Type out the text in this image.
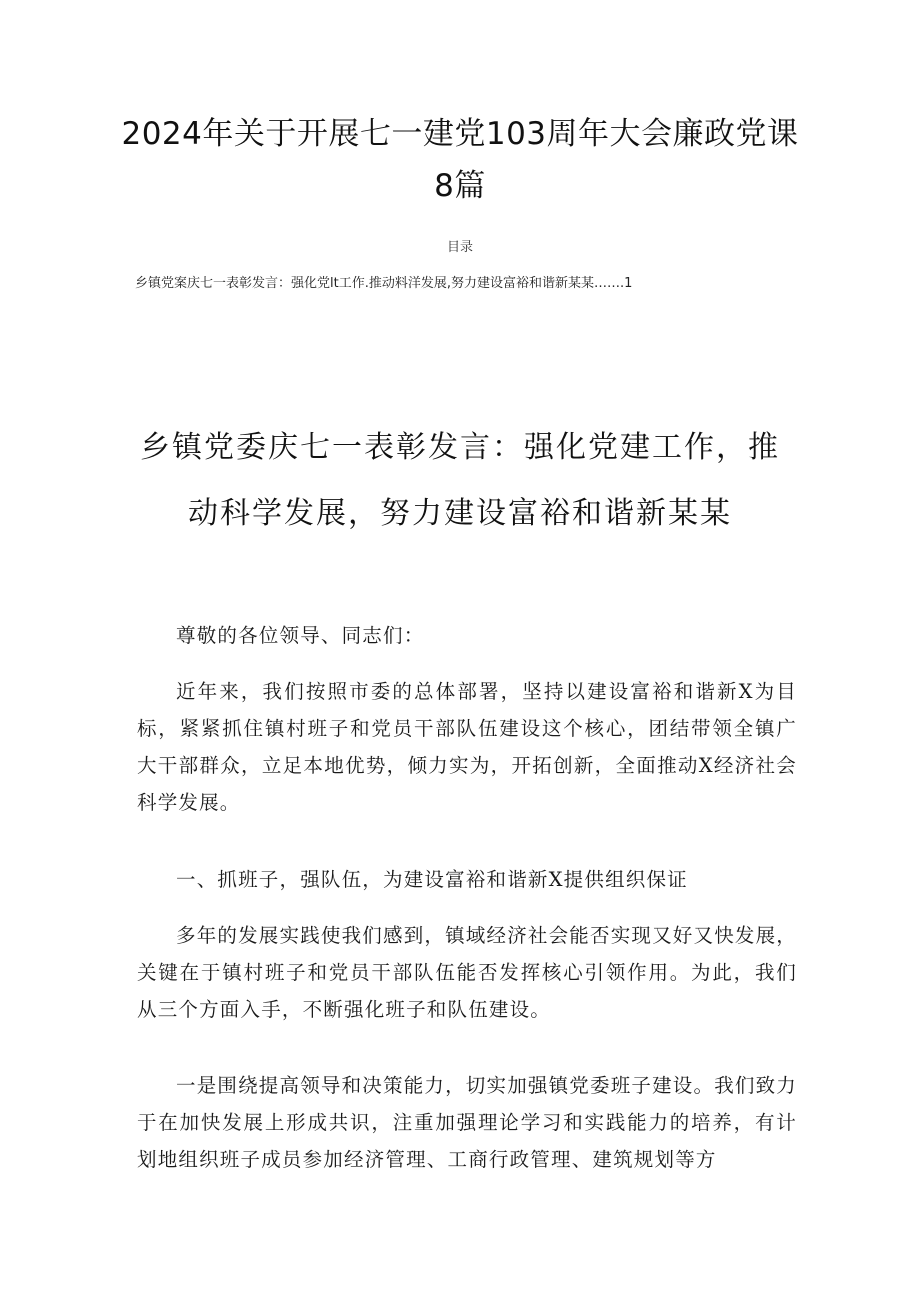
2024年关于开展七一建党103周年大会廉政党课8篇
目录
乡镇党案庆七一表彰发言：强化党lt工作.推动料洋发展,努力建设富裕和谐新某某…….1
乡镇党委庆七一表彰发言：强化党建工作，推动科学发展，努力建设富裕和谐新某某

尊敬的各位领导、同志们：

近年来，我们按照市委的总体部署，坚持以建设富裕和谐新X为目标，紧紧抓住镇村班子和党员干部队伍建设这个核心，团结带领全镇广大干部群众，立足本地优势，倾力实为，开拓创新，全面推动X经济社会科学发展。

一、抓班子，强队伍，为建设富裕和谐新X提供组织保证

多年的发展实践使我们感到，镇域经济社会能否实现又好又快发展，关键在于镇村班子和党员干部队伍能否发挥核心引领作用。为此，我们从三个方面入手，不断强化班子和队伍建设。

一是围绕提高领导和决策能力，切实加强镇党委班子建设。我们致力于在加快发展上形成共识，注重加强理论学习和实践能力的培养，有计划地组织班子成员参加经济管理、工商行政管理、建筑规划等方
